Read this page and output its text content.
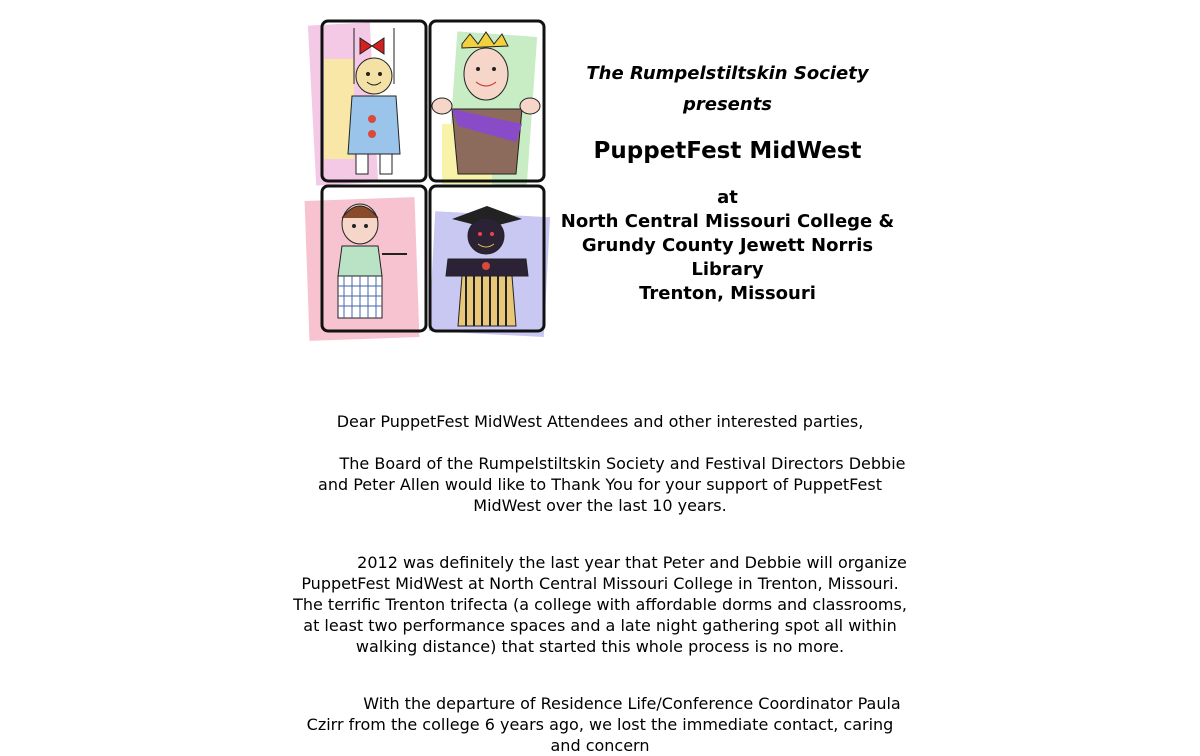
The Rumpelstiltskin Society
presents
PuppetFest MidWest
at
North Central Missouri College &
Grundy County Jewett Norris Library
Trenton, Missouri

Dear PuppetFest MidWest Attendees and other interested parties,

The Board of the Rumpelstiltskin Society and Festival Directors Debbie and Peter Allen would like to Thank You for your support of PuppetFest MidWest over the last 10 years.

2012 was definitely the last year that Peter and Debbie will organize PuppetFest MidWest at North Central Missouri College in Trenton, Missouri. The terrific Trenton trifecta (a college with affordable dorms and classrooms, at least two performance spaces and a late night gathering spot all within walking distance) that started this whole process is no more.

With the departure of Residence Life/Conference Coordinator Paula Czirr from the college 6 years ago, we lost the immediate contact, caring and concern
